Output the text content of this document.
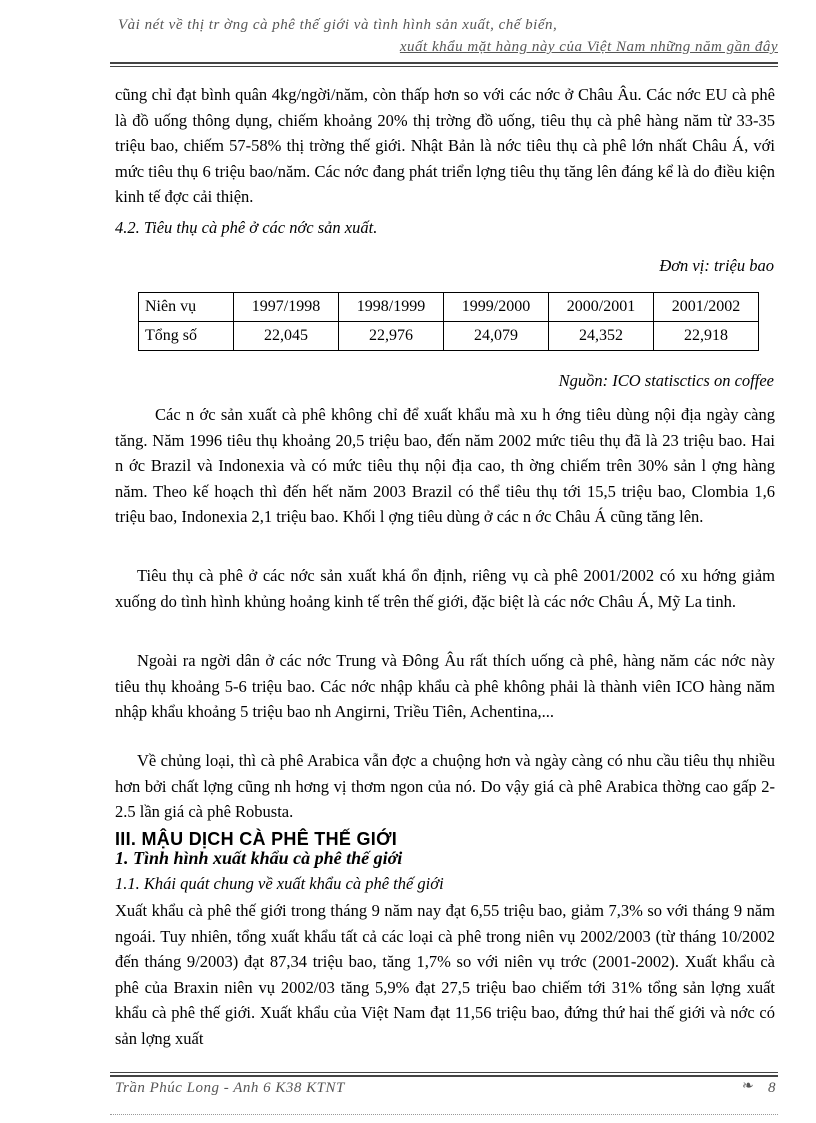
Vài nét về thị tr ờng cà phê thế giới và tình hình sản xuất, chế biến,
xuất khẩu mặt hàng này của Việt Nam những năm gần đây
cũng chỉ đạt bình quân 4kg/ngời/năm, còn thấp hơn so với các nớc ở Châu Âu. Các nớc EU cà phê là đồ uống thông dụng, chiếm khoảng 20% thị trờng đồ uống, tiêu thụ cà phê hàng năm từ 33-35 triệu bao, chiếm 57-58% thị trờng thế giới. Nhật Bản là nớc tiêu thụ cà phê lớn nhất Châu Á, với mức tiêu thụ 6 triệu bao/năm. Các nớc đang phát triển lợng tiêu thụ tăng lên đáng kể là do điều kiện kinh tế đợc cải thiện.
4.2. Tiêu thụ cà phê ở các nớc sản xuất.
Đơn vị: triệu bao
Niên vụ	1997/1998	1998/1999	1999/2000	2000/2001	2001/2002
Tổng số	22,045	22,976	24,079	24,352	22,918
Nguồn: ICO statisctics on coffee
Các n ớc sản xuất cà phê không chỉ để xuất khẩu mà xu h ớng tiêu dùng nội địa ngày càng tăng. Năm 1996 tiêu thụ khoảng 20,5 triệu bao, đến năm 2002 mức tiêu thụ đã là 23 triệu bao. Hai n ớc Brazil và Indonexia và có mức tiêu thụ nội địa cao, th ờng chiếm trên 30% sản l ợng hàng năm. Theo kế hoạch thì đến hết năm 2003 Brazil có thể tiêu thụ tới 15,5 triệu bao, Clombia 1,6 triệu bao, Indonexia 2,1 triệu bao. Khối l ợng tiêu dùng ở các n ớc Châu Á cũng tăng lên.
Tiêu thụ cà phê ở các nớc sản xuất khá ổn định, riêng vụ cà phê 2001/2002 có xu hớng giảm xuống do tình hình khủng hoảng kinh tế trên thế giới, đặc biệt là các nớc Châu Á, Mỹ La tinh.
Ngoài ra ngời dân ở các nớc Trung và Đông Âu rất thích uống cà phê, hàng năm các nớc này tiêu thụ khoảng 5-6 triệu bao. Các nớc nhập khẩu cà phê không phải là thành viên ICO hàng năm nhập khẩu khoảng 5 triệu bao nh Angirni, Triều Tiên, Achentina,...
Về chủng loại, thì cà phê Arabica vẫn đợc a chuộng hơn và ngày càng có nhu cầu tiêu thụ nhiều hơn bởi chất lợng cũng nh hơng vị thơm ngon của nó. Do vậy giá cà phê Arabica thờng cao gấp 2-2.5 lần giá cà phê Robusta.
III. MẬU DỊCH CÀ PHÊ THẾ GIỚI
1. Tình hình xuất khẩu cà phê thế giới
1.1. Khái quát chung về xuất khẩu cà phê thế giới
Xuất khẩu cà phê thế giới trong tháng 9 năm nay đạt 6,55 triệu bao, giảm 7,3% so với tháng 9 năm ngoái. Tuy nhiên, tổng xuất khẩu tất cả các loại cà phê trong niên vụ 2002/2003 (từ tháng 10/2002 đến tháng 9/2003) đạt 87,34 triệu bao, tăng 1,7% so với niên vụ trớc (2001-2002). Xuất khẩu cà phê của Braxin niên vụ 2002/03 tăng 5,9% đạt 27,5 triệu bao chiếm tới 31% tổng sản lợng xuất khẩu cà phê thế giới. Xuất khẩu của Việt Nam đạt 11,56 triệu bao, đứng thứ hai thế giới và nớc có sản lợng xuất
Trần Phúc Long - Anh 6 K38 KTNT	❧ 8
